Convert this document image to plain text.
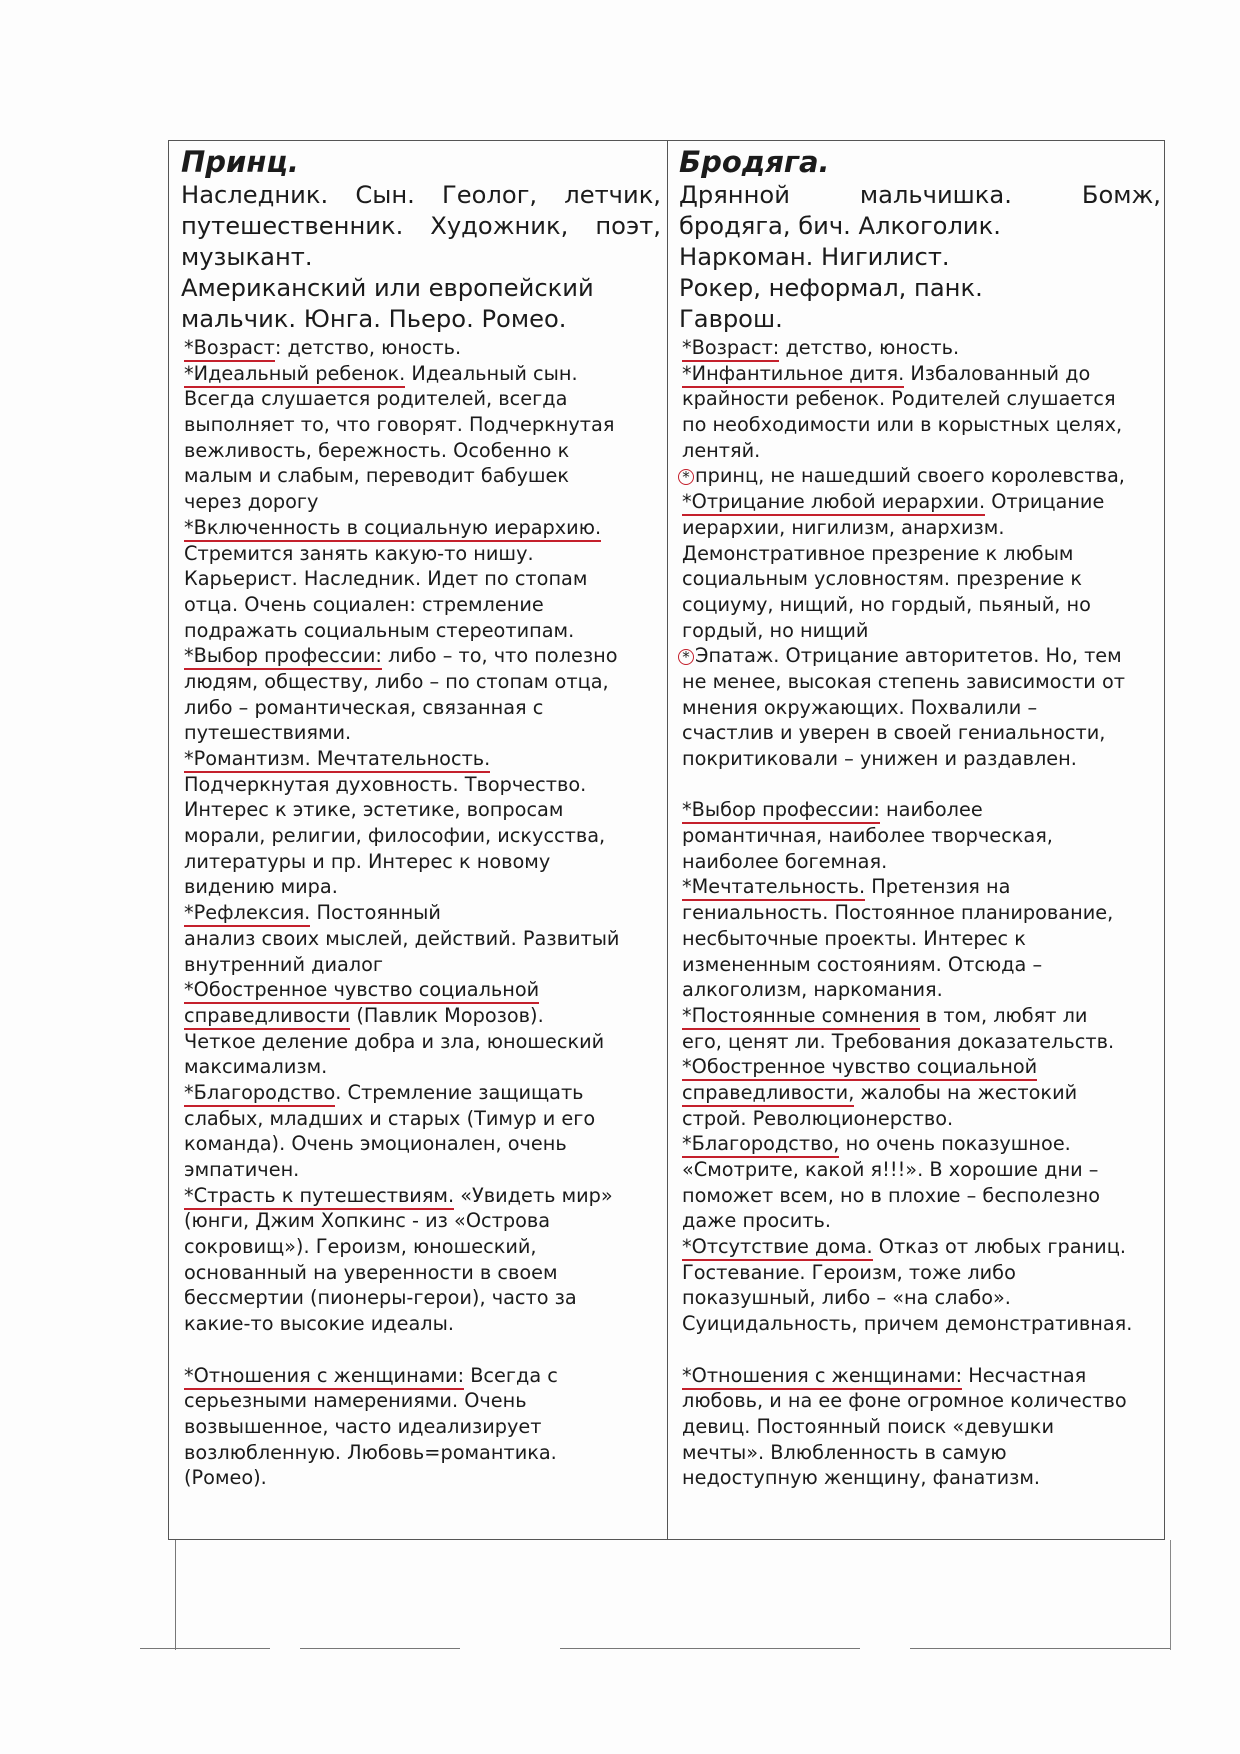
Принц.
Наследник. Сын. Геолог, летчик,
путешественник. Художник, поэт,
музыкант.
Американский или европейский
мальчик. Юнга. Пьеро. Ромео.
*Возраст: детство, юность.
*Идеальный ребенок. Идеальный сын.
Всегда слушается родителей, всегда
выполняет то, что говорят. Подчеркнутая
вежливость, бережность. Особенно к
малым и слабым, переводит бабушек
через дорогу
*Включенность в социальную иерархию.
Стремится занять какую-то нишу.
Карьерист. Наследник. Идет по стопам
отца. Очень социален: стремление
подражать социальным стереотипам.
*Выбор профессии: либо – то, что полезно
людям, обществу, либо – по стопам отца,
либо – романтическая, связанная с
путешествиями.
*Романтизм. Мечтательность.
Подчеркнутая духовность. Творчество.
Интерес к этике, эстетике, вопросам
морали, религии, философии, искусства,
литературы и пр. Интерес к новому
видению мира.
*Рефлексия. Постоянный
анализ своих мыслей, действий. Развитый
внутренний диалог
*Обостренное чувство социальной
справедливости (Павлик Морозов).
Четкое деление добра и зла, юношеский
максимализм.
*Благородство. Стремление защищать
слабых, младших и старых (Тимур и его
команда). Очень эмоционален, очень
эмпатичен.
*Страсть к путешествиям. «Увидеть мир»
(юнги, Джим Хопкинс - из «Острова
сокровищ»). Героизм, юношеский,
основанный на уверенности в своем
бессмертии (пионеры-герои), часто за
какие-то высокие идеалы.
*Отношения с женщинами: Всегда с
серьезными намерениями. Очень
возвышенное, часто идеализирует
возлюбленную. Любовь=романтика.
(Ромео).
Бродяга.
Дрянной мальчишка. Бомж,
бродяга, бич. Алкоголик.
Наркоман. Нигилист.
Рокер, неформал, панк.
Гаврош.
*Возраст: детство, юность.
*Инфантильное дитя. Избалованный до
крайности ребенок. Родителей слушается
по необходимости или в корыстных целях,
лентяй.
* принц, не нашедший своего королевства,
*Отрицание любой иерархии. Отрицание
иерархии, нигилизм, анархизм.
Демонстративное презрение к любым
социальным условностям. презрение к
социуму, нищий, но гордый, пьяный, но
гордый, но нищий
* Эпатаж. Отрицание авторитетов. Но, тем
не менее, высокая степень зависимости от
мнения окружающих. Похвалили –
счастлив и уверен в своей гениальности,
покритиковали – унижен и раздавлен.
*Выбор профессии: наиболее
романтичная, наиболее творческая,
наиболее богемная.
*Мечтательность. Претензия на
гениальность. Постоянное планирование,
несбыточные проекты. Интерес к
измененным состояниям. Отсюда –
алкоголизм, наркомания.
*Постоянные сомнения в том, любят ли
его, ценят ли. Требования доказательств.
*Обостренное чувство социальной
справедливости, жалобы на жестокий
строй. Революционерство.
*Благородство, но очень показушное.
«Смотрите, какой я!!!». В хорошие дни –
поможет всем, но в плохие – бесполезно
даже просить.
*Отсутствие дома. Отказ от любых границ.
Гостевание. Героизм, тоже либо
показушный, либо – «на слабо».
Суицидальность, причем демонстративная.
*Отношения с женщинами: Несчастная
любовь, и на ее фоне огромное количество
девиц. Постоянный поиск «девушки
мечты». Влюбленность в самую
недоступную женщину, фанатизм.
